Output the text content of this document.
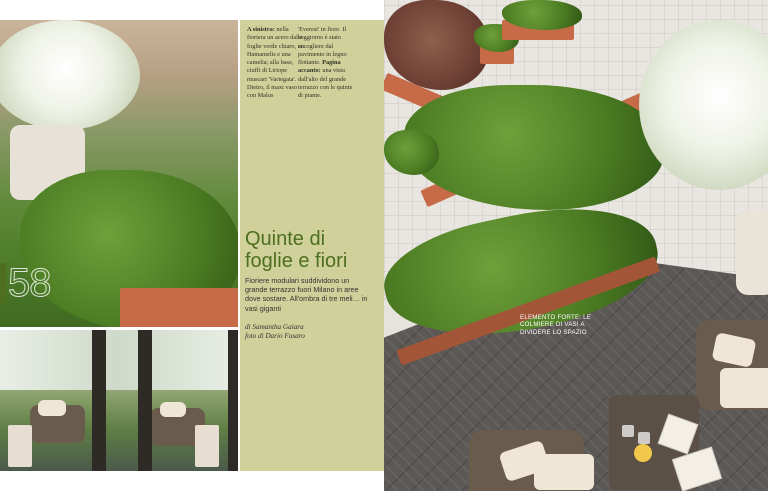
58
A sinistra: nella fioriera un acero dalle foglie verde chiaro, un Hamamelis e una camelia; alla base, ciuffi di Liriope muscari 'Variegata'. Dietro, il maxi vaso con Malus
'Everest' in fiore. Il soggiorno è stato accogliere dal pavimento in legno flottante. Pagina accanto: una vista dall'alto del grande terrazzo con le quinte di piante.
Quinte di
foglie e fiori
Fioriere modulari suddividono un grande terrazzo fuori Milano in aree dove sostare. All'ombra di tre meli… in vasi giganti
di Samantha Gaiara
foto di Dario Fusaro
ELEMENTO FORTE: LE COLMIERE DI VASI A DIVIDERE LO SPAZIO
